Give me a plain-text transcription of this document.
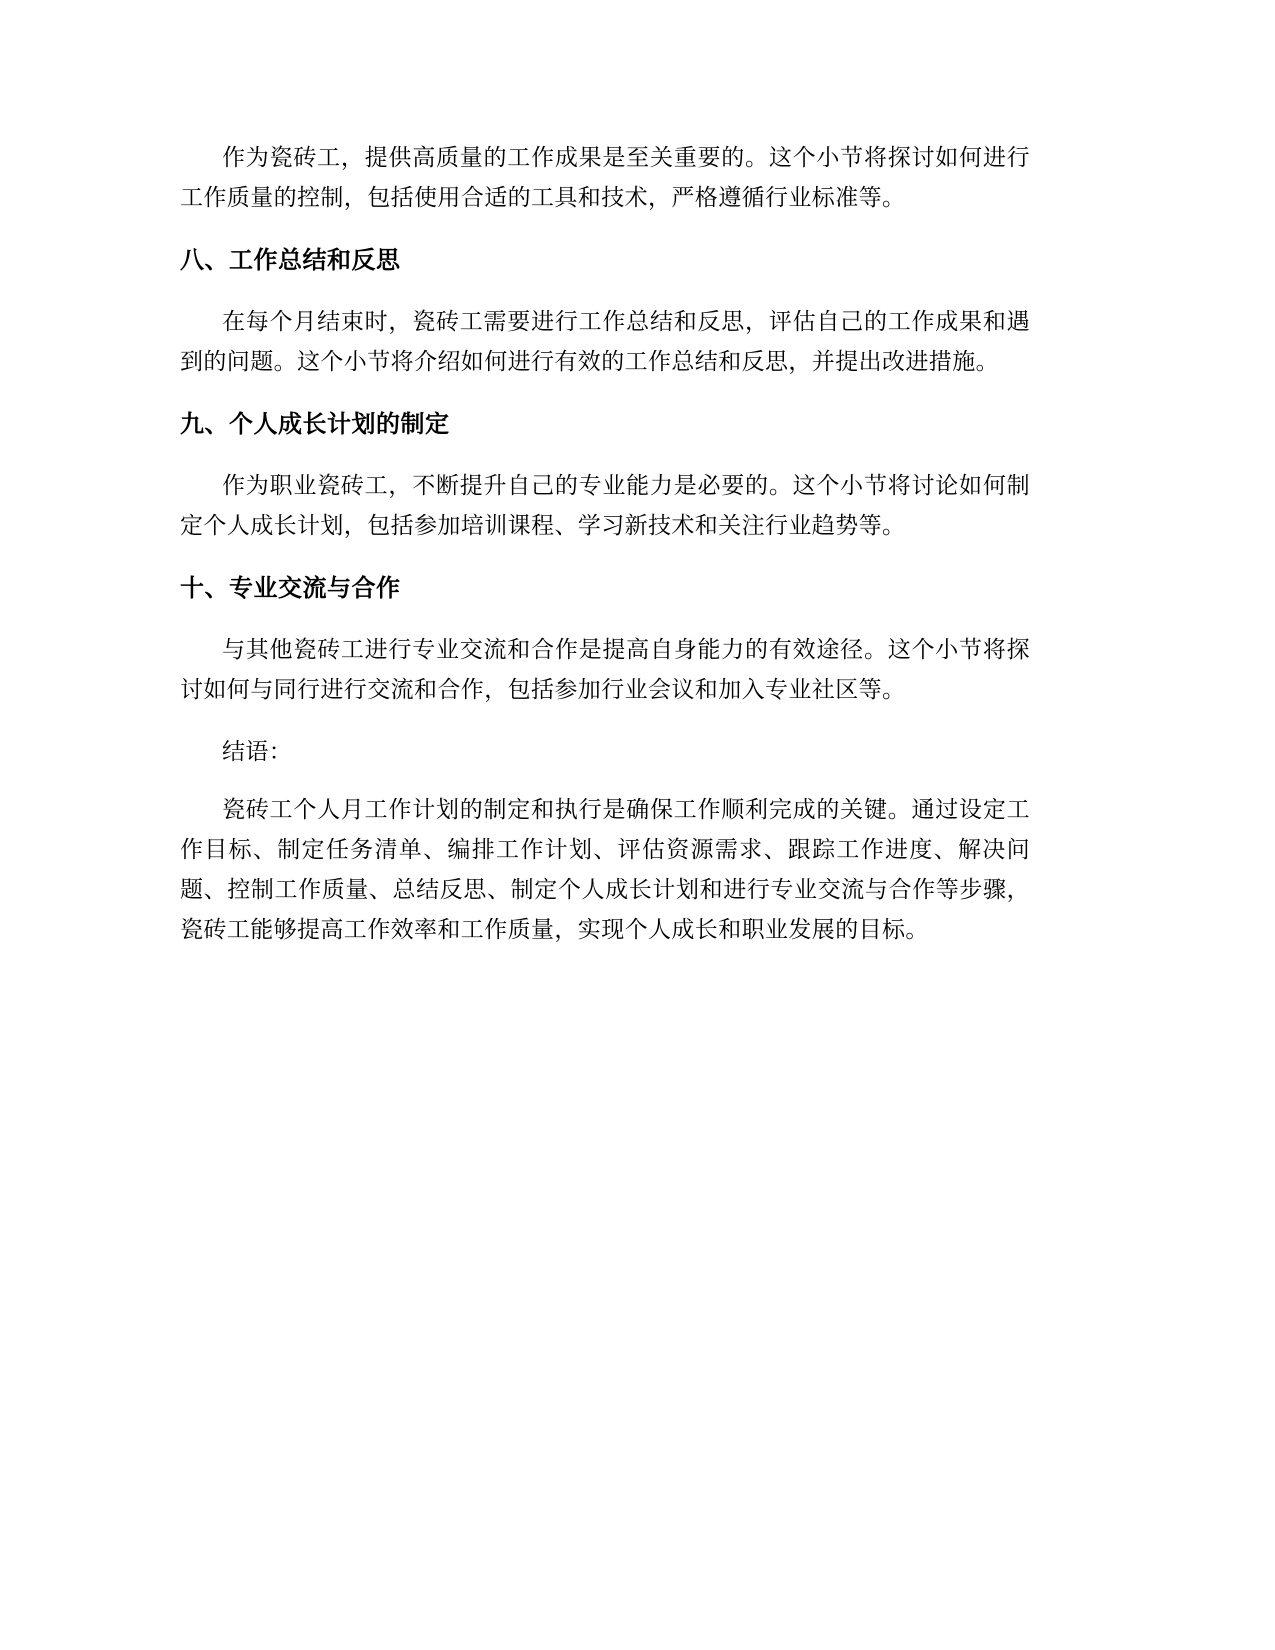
作为瓷砖工，提供高质量的工作成果是至关重要的。这个小节将探讨如何进行工作质量的控制，包括使用合适的工具和技术，严格遵循行业标准等。

八、工作总结和反思

在每个月结束时，瓷砖工需要进行工作总结和反思，评估自己的工作成果和遇到的问题。这个小节将介绍如何进行有效的工作总结和反思，并提出改进措施。

九、个人成长计划的制定

作为职业瓷砖工，不断提升自己的专业能力是必要的。这个小节将讨论如何制定个人成长计划，包括参加培训课程、学习新技术和关注行业趋势等。

十、专业交流与合作

与其他瓷砖工进行专业交流和合作是提高自身能力的有效途径。这个小节将探讨如何与同行进行交流和合作，包括参加行业会议和加入专业社区等。

结语：

瓷砖工个人月工作计划的制定和执行是确保工作顺利完成的关键。通过设定工作目标、制定任务清单、编排工作计划、评估资源需求、跟踪工作进度、解决问题、控制工作质量、总结反思、制定个人成长计划和进行专业交流与合作等步骤，瓷砖工能够提高工作效率和工作质量，实现个人成长和职业发展的目标。
